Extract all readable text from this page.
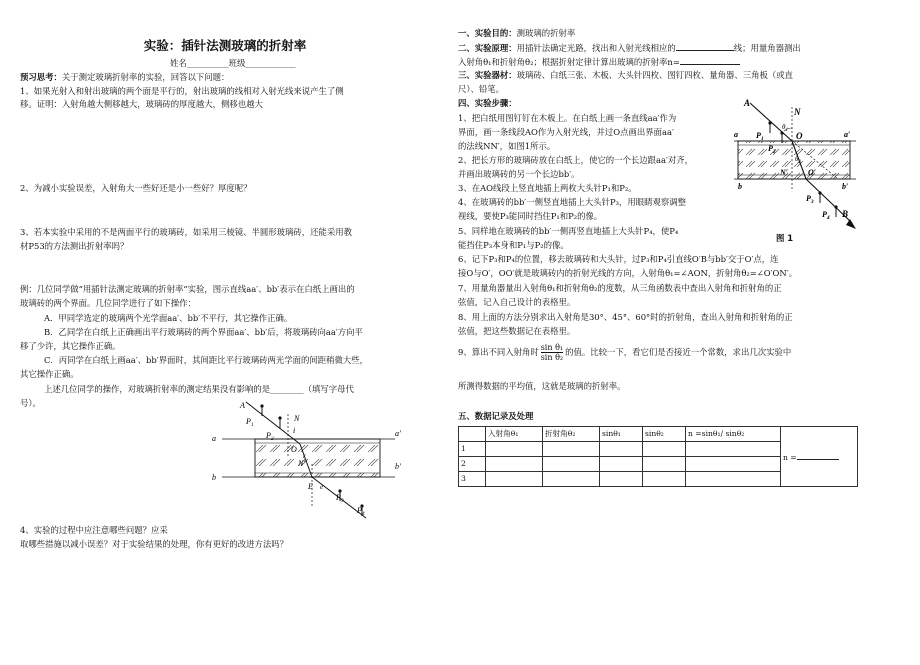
实验：插针法测玻璃的折射率
姓名__________班级____________
预习思考：关于测定玻璃折射率的实验，回答以下问题：
1、如果光射入和射出玻璃的两个面是平行的，射出玻璃的线相对入射光线来说产生了侧
移。证明：入射角越大侧移越大，玻璃砖的厚度越大，侧移也越大
2、为减小实验误差，入射角大一些好还是小一些好？厚度呢？
3、若本实验中采用的不是两面平行的玻璃砖，如采用三棱镜、半圆形玻璃砖，还能采用教
材P53的方法测出折射率吗？
例：几位同学做“用插针法测定玻璃的折射率”实验，图示直线aa′、bb′表示在白纸上画出的
玻璃砖的两个界面。几位同学进行了如下操作：
A．甲同学选定的玻璃两个光学面aa′、bb′不平行，其它操作正确。
B．乙同学在白纸上正确画出平行玻璃砖的两个界面aa′、bb′后，将玻璃砖向aa′方向平
移了少许，其它操作正确。
C．丙同学在白纸上画aa′、bb′界面时，其间距比平行玻璃砖两光学面的间距稍微大些，
其它操作正确。
上述几位同学的操作，对玻璃折射率的测定结果没有影响的是________（填写字母代
号）。	A
$P_1$
$P_2$
N
i
a
a′
O
r
N′
b
b′
E e
$P_3$
$P_4$
4、实验的过程中应注意哪些问题？应采
取哪些措施以减小误差？对于实验结果的处理，你有更好的改进方法吗？
一、实验目的：测玻璃的折射率
二、实验原理：用插针法确定光路，找出和入射光线相应的	线；用量角器测出
入射角θ₁和折射角θ₂；根据折射定律计算出玻璃的折射率n=
三、实验器材：玻璃砖、白纸三张、木板、大头针四枚、图钉四枚、量角器、三角板（或直
尺）、铅笔。
四、实验步骤：
1、把白纸用图钉钉在木板上。在白纸上画一条直线aa′作为
界面，画一条线段AO作为入射光线，并过O点画出界面aa′
的法线NN′，如图1所示。
2、把长方形的玻璃砖放在白纸上，使它的一个长边跟aa′对齐，
并画出玻璃砖的另一个长边bb′。
3、在AO线段上竖直地插上两枚大头针P₁和P₂。
4、在玻璃砖的bb′一侧竖直地插上大头针P₃，用眼睛观察调整
视线，要使P₃能同时挡住P₁和P₂的像。
5、同样地在玻璃砖的bb′一侧再竖直地插上大头针P₄，使P₄
能挡住P₃本身和P₁与P₂的像。
6、记下P₃和P₄的位置，移去玻璃砖和大头针，过P₃和P₄引直线O′B与bb′交于O′点，连
接O与O′，OO′就是玻璃砖内的折射光线的方向，入射角θ₁=∠AON，折射角θ₂=∠O′ON′。
7、用量角器量出入射角θ₁和折射角θ₂的度数，从三角函数表中查出入射角和折射角的正
弦值，记入自己设计的表格里。
8、用上面的方法分别求出入射角是30°、45°、60°时的折射角，查出入射角和折射角的正
弦值，把这些数据记在表格里。
9、算出不同入射角时 $\frac{\text{sin θ₁}}{\text{sin θ₂}}$ 的值。比较一下，看它们是否接近一个常数，求出几次实验中
所测得数据的平均值，这就是玻璃的折射率。
五、数据记录及处理
A
N
$P_1$
$P_2$
$\theta_1$
O
a	a′
$\theta_2$
N′ O′
b	b′
$P_3$
$P_4$ B
图 1
	入射角θ₁	折射角θ₂	sinθ₁	sinθ₂	n =sinθ₁/ sinθ₂	n =
1						
2						
3						
